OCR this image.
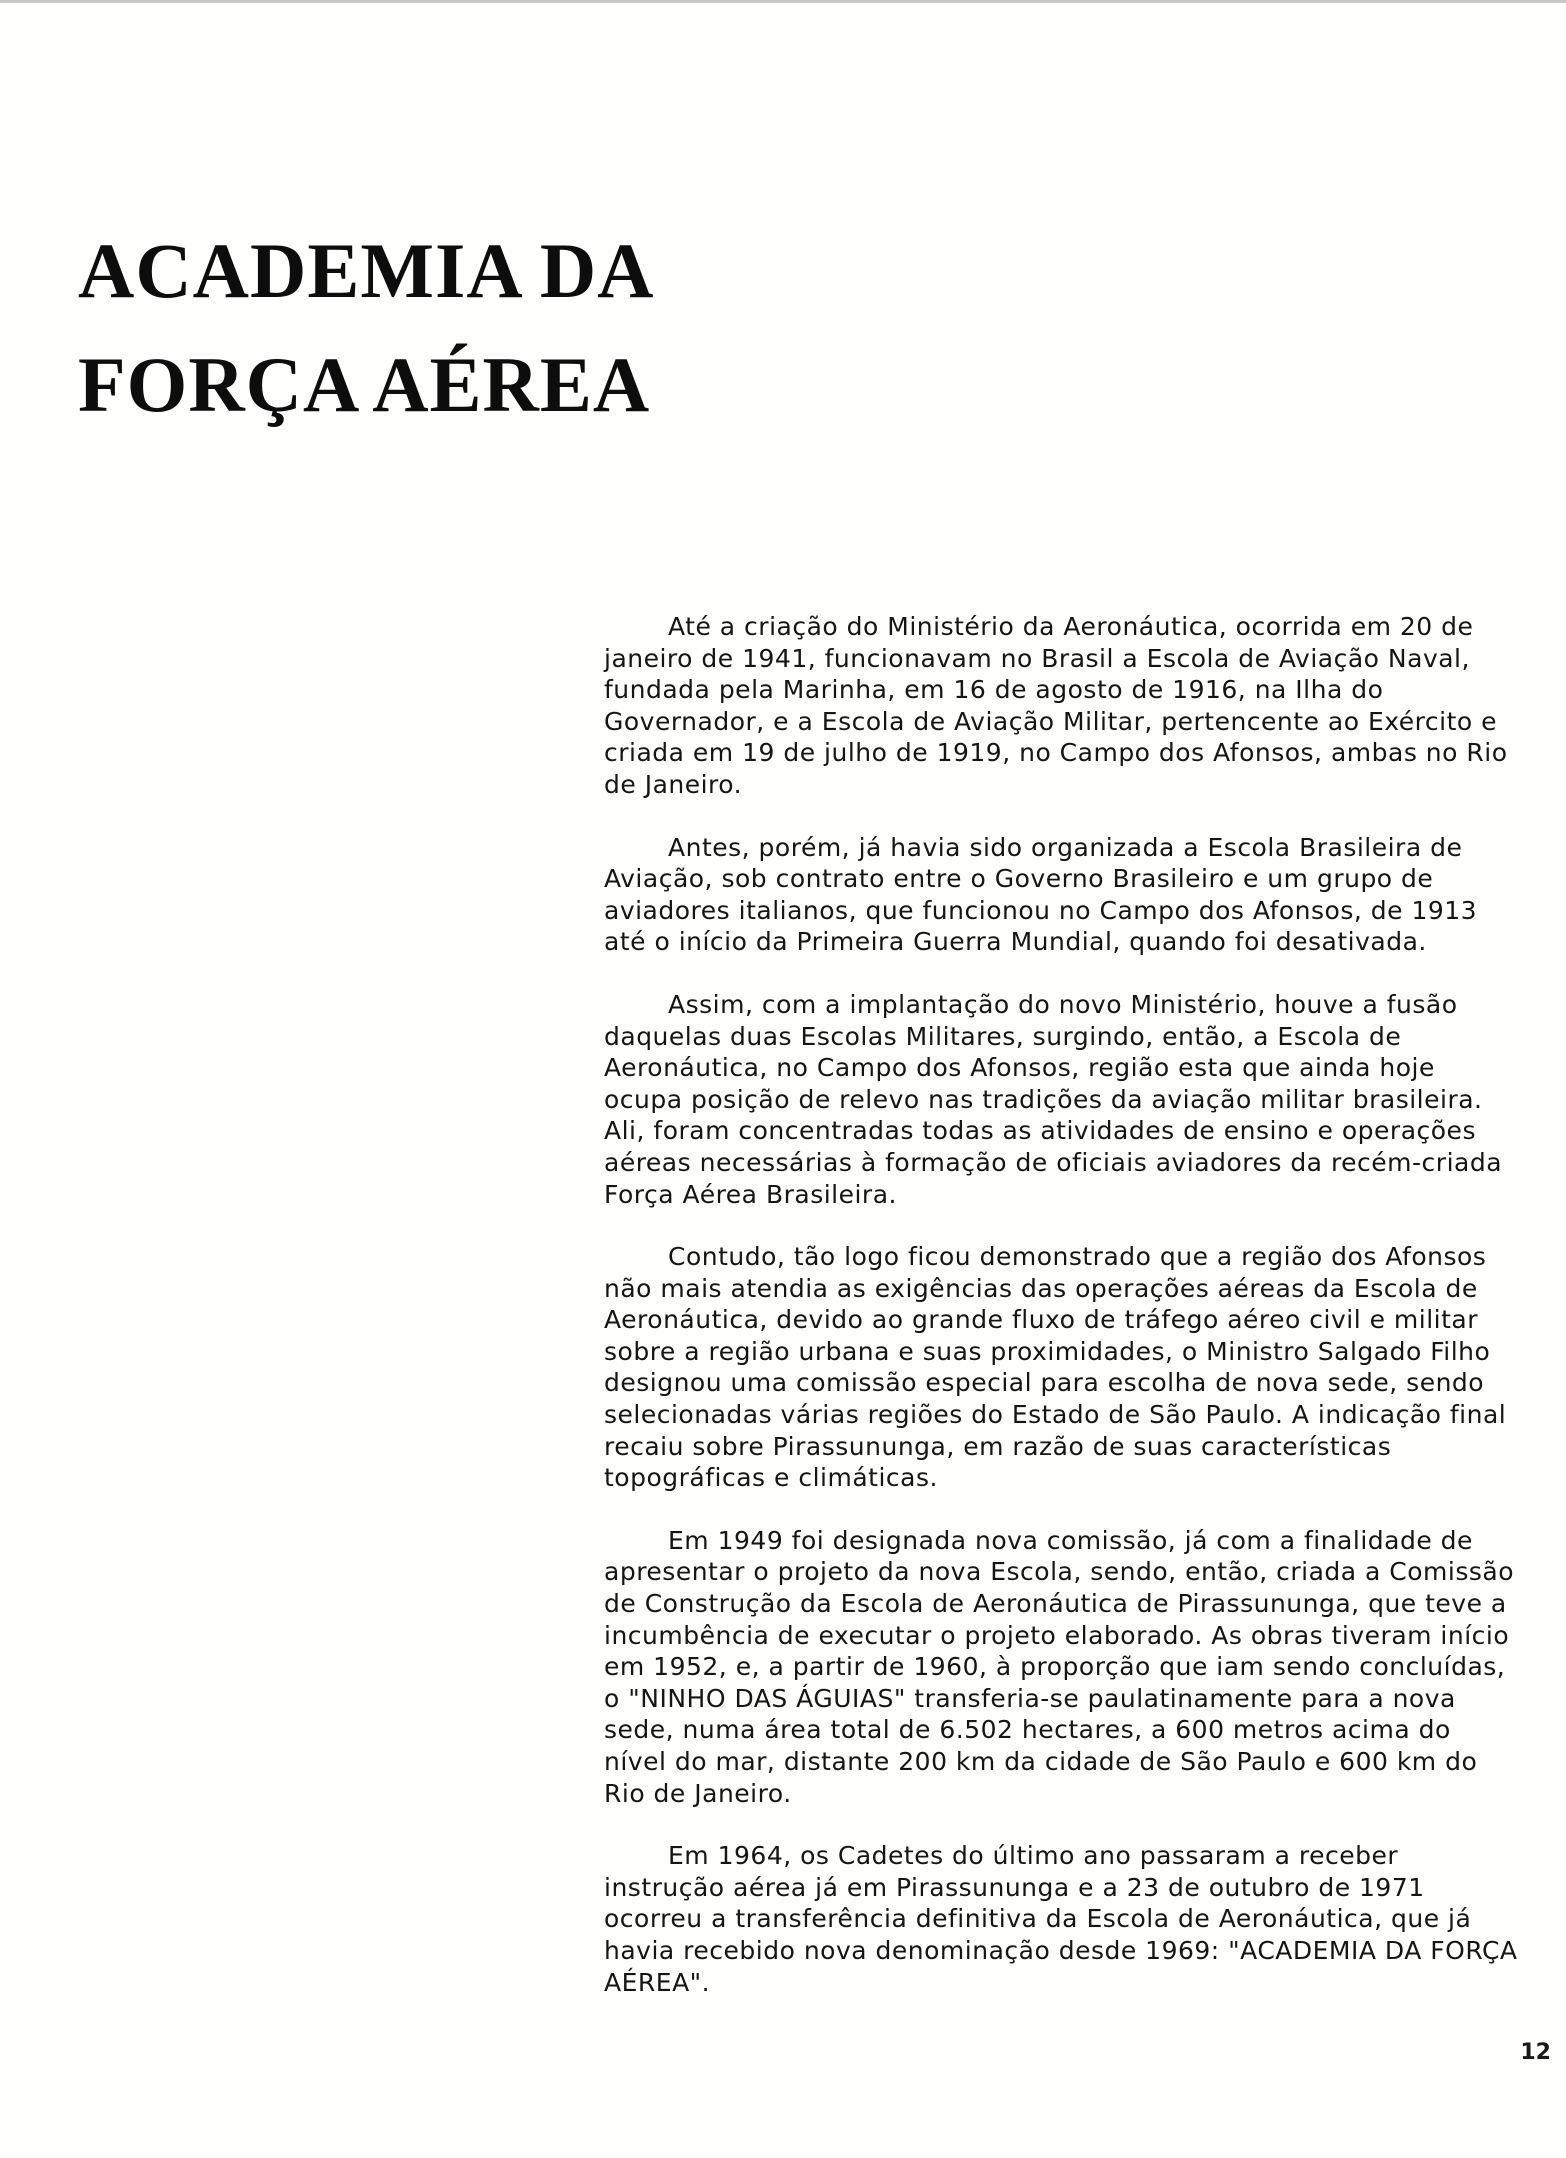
ACADEMIA DA
FORÇA AÉREA

Até a criação do Ministério da Aeronáutica, ocorrida em 20 de janeiro de 1941, funcionavam no Brasil a Escola de Aviação Naval, fundada pela Marinha, em 16 de agosto de 1916, na Ilha do Governador, e a Escola de Aviação Militar, pertencente ao Exército e criada em 19 de julho de 1919, no Campo dos Afonsos, ambas no Rio de Janeiro.

Antes, porém, já havia sido organizada a Escola Brasileira de Aviação, sob contrato entre o Governo Brasileiro e um grupo de aviadores italianos, que funcionou no Campo dos Afonsos, de 1913 até o início da Primeira Guerra Mundial, quando foi desativada.

Assim, com a implantação do novo Ministério, houve a fusão daquelas duas Escolas Militares, surgindo, então, a Escola de Aeronáutica, no Campo dos Afonsos, região esta que ainda hoje ocupa posição de relevo nas tradições da aviação militar brasileira. Ali, foram concentradas todas as atividades de ensino e operações aéreas necessárias à formação de oficiais aviadores da recém-criada Força Aérea Brasileira.

Contudo, tão logo ficou demonstrado que a região dos Afonsos não mais atendia as exigências das operações aéreas da Escola de Aeronáutica, devido ao grande fluxo de tráfego aéreo civil e militar sobre a região urbana e suas proximidades, o Ministro Salgado Filho designou uma comissão especial para escolha de nova sede, sendo selecionadas várias regiões do Estado de São Paulo. A indicação final recaiu sobre Pirassununga, em razão de suas características topográficas e climáticas.

Em 1949 foi designada nova comissão, já com a finalidade de apresentar o projeto da nova Escola, sendo, então, criada a Comissão de Construção da Escola de Aeronáutica de Pirassununga, que teve a incumbência de executar o projeto elaborado. As obras tiveram início em 1952, e, a partir de 1960, à proporção que iam sendo concluídas, o "NINHO DAS ÁGUIAS" transferia-se paulatinamente para a nova sede, numa área total de 6.502 hectares, a 600 metros acima do nível do mar, distante 200 km da cidade de São Paulo e 600 km do Rio de Janeiro.

Em 1964, os Cadetes do último ano passaram a receber instrução aérea já em Pirassununga e a 23 de outubro de 1971 ocorreu a transferência definitiva da Escola de Aeronáutica, que já havia recebido nova denominação desde 1969: "ACADEMIA DA FORÇA AÉREA".

12
